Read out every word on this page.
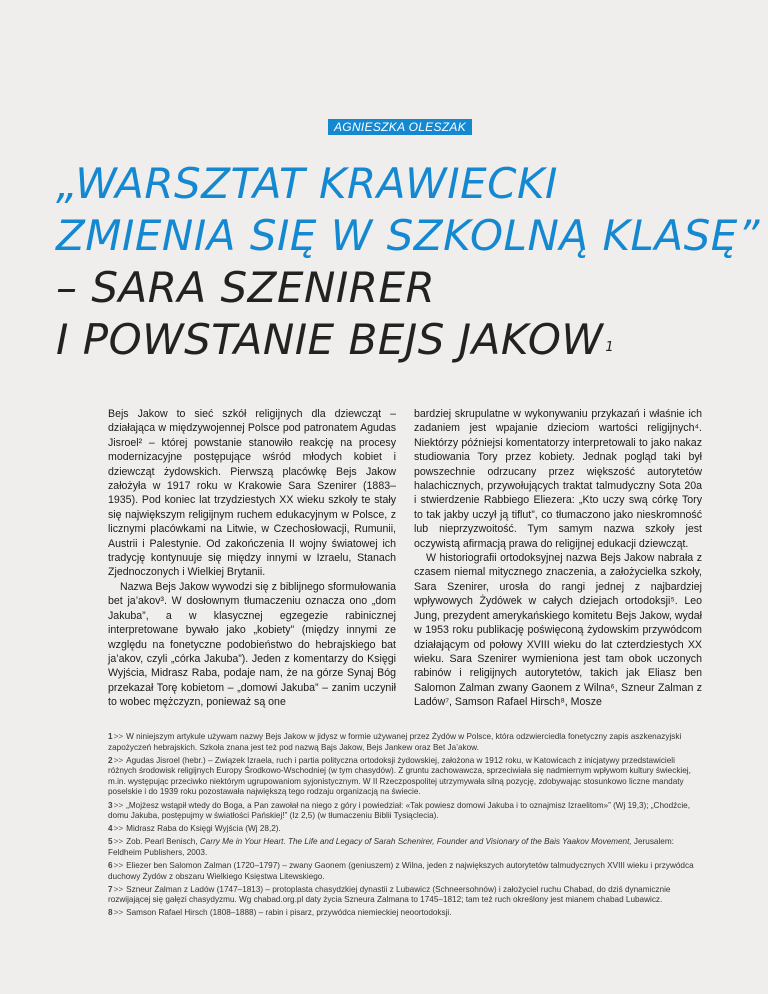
AGNIESZKA OLESZAK
„WARSZTAT KRAWIECKI
ZMIENIA SIĘ W SZKOLNĄ KLASĘ”
– SARA SZENIRER
I POWSTANIE BEJS JAKOW $^1$

Bejs Jakow to sieć szkół religijnych dla dziewcząt – działająca w międzywojennej Polsce pod patronatem Agudas Jisroel² – której powstanie stanowiło reakcję na procesy modernizacyjne postępujące wśród młodych kobiet i dziewcząt żydowskich. Pierwszą placówkę Bejs Jakow założyła w 1917 roku w Krakowie Sara Szenirer (1883–1935). Pod koniec lat trzydziestych XX wieku szkoły te stały się największym religijnym ruchem edukacyjnym w Polsce, z licznymi placówkami na Litwie, w Czechosłowacji, Rumunii, Austrii i Palestynie. Od zakończenia II wojny światowej ich tradycję kontynuuje się między innymi w Izraelu, Stanach Zjednoczonych i Wielkiej Brytanii.

Nazwa Bejs Jakow wywodzi się z biblijnego sformułowania bet ja’akov³. W dosłownym tłumaczeniu oznacza ono „dom Jakuba”, a w klasycznej egzegezie rabinicznej interpretowane bywało jako „kobiety” (między innymi ze względu na fonetyczne podobieństwo do hebrajskiego bat ja’akov, czyli „córka Jakuba”). Jeden z komentarzy do Księgi Wyjścia, Midrasz Raba, podaje nam, że na górze Synaj Bóg przekazał Torę kobietom – „domowi Jakuba” – zanim uczynił to wobec mężczyzn, ponieważ są one

bardziej skrupulatne w wykonywaniu przykazań i właśnie ich zadaniem jest wpajanie dzieciom wartości religijnych⁴. Niektórzy późniejsi komentatorzy interpretowali to jako nakaz studiowania Tory przez kobiety. Jednak pogląd taki był powszechnie odrzucany przez większość autorytetów halachicznych, przywołujących traktat talmudyczny Sota 20a i stwierdzenie Rabbiego Eliezera: „Kto uczy swą córkę Tory to tak jakby uczył ją tiflut”, co tłumaczono jako nieskromność lub nieprzyzwoitość. Tym samym nazwa szkoły jest oczywistą afirmacją prawa do religijnej edukacji dziewcząt.

W historiografii ortodoksyjnej nazwa Bejs Jakow nabrała z czasem niemal mitycznego znaczenia, a założycielka szkoły, Sara Szenirer, urosła do rangi jednej z najbardziej wpływowych Żydówek w całych dziejach ortodoksji⁵. Leo Jung, prezydent amerykańskiego komitetu Bejs Jakow, wydał w 1953 roku publikację poświęconą żydowskim przywódcom działającym od połowy XVIII wieku do lat czterdziestych XX wieku. Sara Szenirer wymieniona jest tam obok uczonych rabinów i religijnych autorytetów, takich jak Eliasz ben Salomon Zalman zwany Gaonem z Wilna⁶, Szneur Zalman z Ladów⁷, Samson Rafael Hirsch⁸, Mosze

1>> W niniejszym artykule używam nazwy Bejs Jakow w jidysz w formie używanej przez Żydów w Polsce, która odzwierciedla fonetyczny zapis aszkenazyjski zapożyczeń hebrajskich. Szkoła znana jest też pod nazwą Bajs Jakow, Bejs Jankew oraz Bet Ja’akow.

2>> Agudas Jisroel (hebr.) – Związek Izraela, ruch i partia polityczna ortodoksji żydowskiej, założona w 1912 roku, w Katowicach z inicjatywy przedstawicieli różnych środowisk religijnych Europy Środkowo-Wschodniej (w tym chasydów). Z gruntu zachowawcza, sprzeciwiała się nadmiernym wpływom kultury świeckiej, m.in. występując przeciwko niektórym ugrupowaniom syjonistycznym. W II Rzeczpospolitej utrzymywała silną pozycję, zdobywając stosunkowo liczne mandaty poselskie i do 1939 roku pozostawała największą tego rodzaju organizacją na świecie.

3>> „Mojżesz wstąpił wtedy do Boga, a Pan zawołał na niego z góry i powiedział: «Tak powiesz domowi Jakuba i to oznajmisz Izraelitom»” (Wj 19,3); „Chodźcie, domu Jakuba, postępujmy w światłości Pańskiej!” (Iz 2,5) (w tłumaczeniu Biblii Tysiąclecia).

4>> Midrasz Raba do Księgi Wyjścia (Wj 28,2).

5>> Zob. Pearl Benisch, Carry Me in Your Heart. The Life and Legacy of Sarah Schenirer, Founder and Visionary of the Bais Yaakov Movement, Jerusalem: Feldheim Publishers, 2003.

6>> Eliezer ben Salomon Zalman (1720–1797) – zwany Gaonem (geniuszem) z Wilna, jeden z największych autorytetów talmudycznych XVIII wieku i przywódca duchowy Żydów z obszaru Wielkiego Księstwa Litewskiego.

7>> Szneur Zalman z Ladów (1747–1813) – protoplasta chasydzkiej dynastii z Lubawicz (Schneersohnów) i założyciel ruchu Chabad, do dziś dynamicznie rozwijającej się gałęzi chasydyzmu. Wg chabad.org.pl daty życia Szneura Zalmana to 1745–1812; tam też ruch określony jest mianem chabad Lubawicz.

8>> Samson Rafael Hirsch (1808–1888) – rabin i pisarz, przywódca niemieckiej neoortodoksji.
